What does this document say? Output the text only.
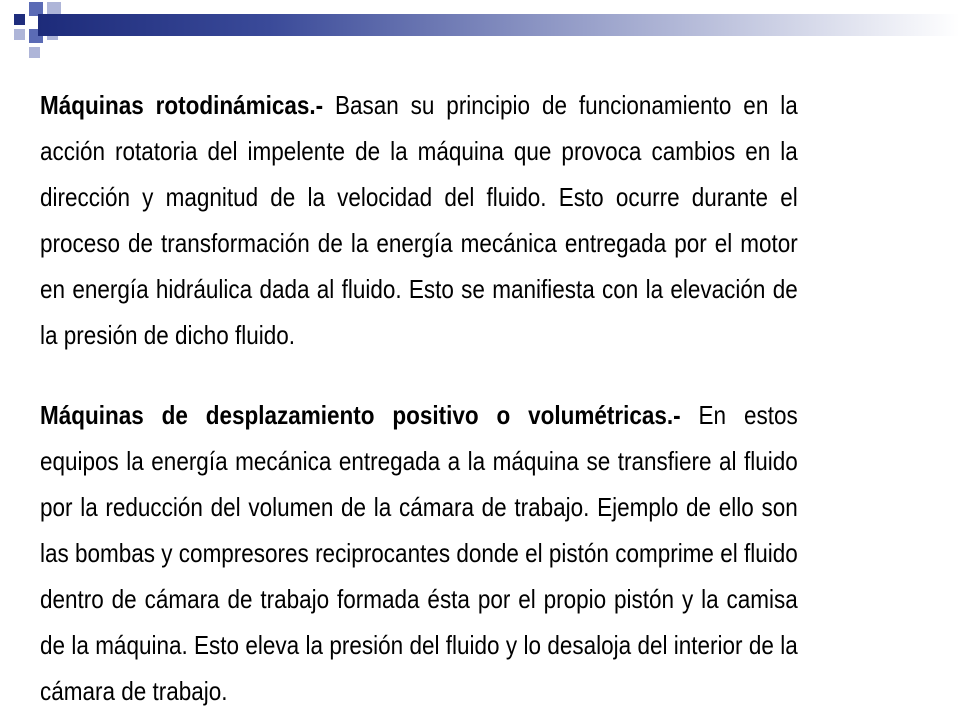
Máquinas rotodinámicas.- Basan su principio de funcionamiento en la acción rotatoria del impelente de la máquina que provoca cambios en la dirección y magnitud de la velocidad del fluido. Esto ocurre durante el proceso de transformación de la energía mecánica entregada por el motor en energía hidráulica dada al fluido. Esto se manifiesta con la elevación de la presión de dicho fluido.

Máquinas de desplazamiento positivo o volumétricas.- En estos equipos la energía mecánica entregada a la máquina se transfiere al fluido por la reducción del volumen de la cámara de trabajo. Ejemplo de ello son las bombas y compresores reciprocantes donde el pistón comprime el fluido dentro de cámara de trabajo formada ésta por el propio pistón y la camisa de la máquina. Esto eleva la presión del fluido y lo desaloja del interior de la cámara de trabajo.
